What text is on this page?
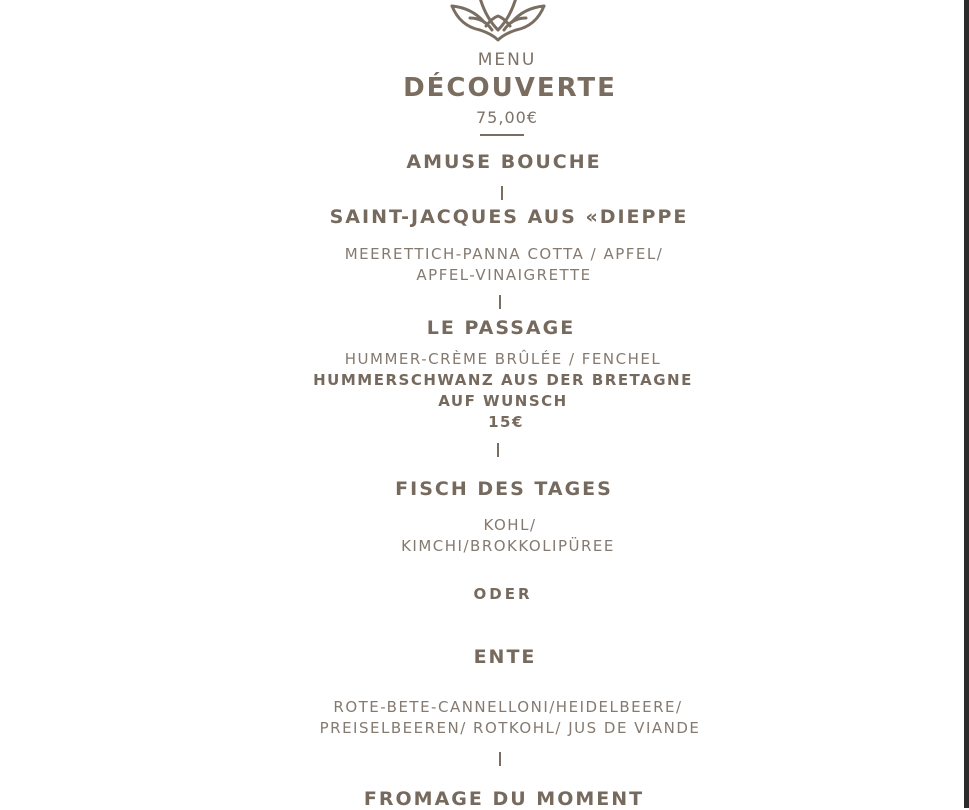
MENU

DÉCOUVERTE

75,00€

AMUSE BOUCHE

SAINT-JACQUES AUS «DIEPPE

MEERETTICH-PANNA COTTA / APFEL/

APFEL-VINAIGRETTE

LE PASSAGE

HUMMER-CRÈME BRÛLÉE / FENCHEL

HUMMERSCHWANZ AUS DER BRETAGNE

AUF WUNSCH

15€

FISCH DES TAGES

KOHL/

KIMCHI/BROKKOLIPÜREE

ODER

ENTE

ROTE-BETE-CANNELLONI/HEIDELBEERE/

PREISELBEEREN/ ROTKOHL/ JUS DE VIANDE

FROMAGE DU MOMENT
